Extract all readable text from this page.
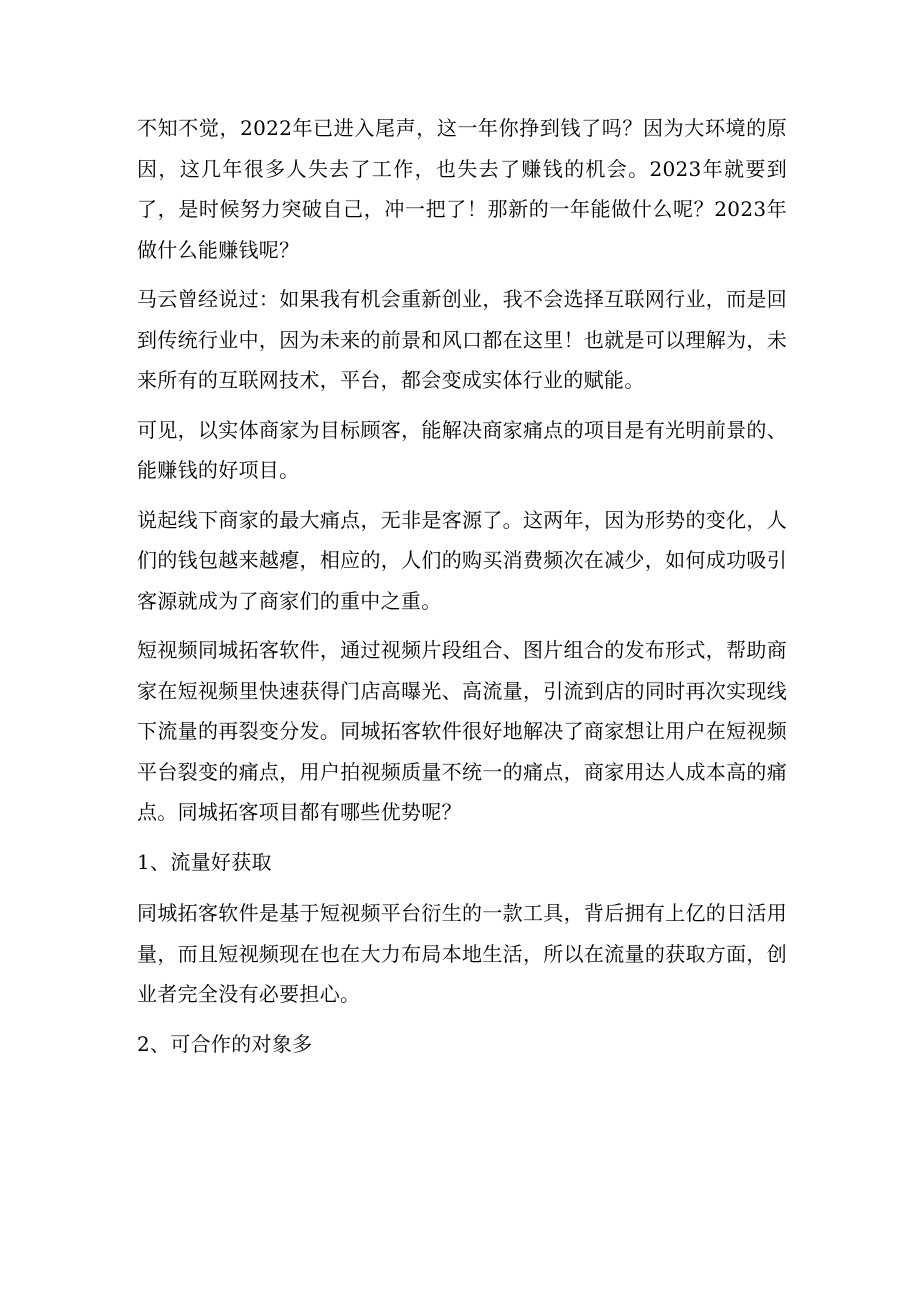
不知不觉，2022年已进入尾声，这一年你挣到钱了吗？因为大环境的原因，这几年很多人失去了工作，也失去了赚钱的机会。2023年就要到了，是时候努力突破自己，冲一把了！那新的一年能做什么呢？2023年做什么能赚钱呢？

马云曾经说过：如果我有机会重新创业，我不会选择互联网行业，而是回到传统行业中，因为未来的前景和风口都在这里！也就是可以理解为，未来所有的互联网技术，平台，都会变成实体行业的赋能。

可见，以实体商家为目标顾客，能解决商家痛点的项目是有光明前景的、能赚钱的好项目。

说起线下商家的最大痛点，无非是客源了。这两年，因为形势的变化，人们的钱包越来越瘪，相应的，人们的购买消费频次在减少，如何成功吸引客源就成为了商家们的重中之重。

短视频同城拓客软件，通过视频片段组合、图片组合的发布形式，帮助商家在短视频里快速获得门店高曝光、高流量，引流到店的同时再次实现线下流量的再裂变分发。同城拓客软件很好地解决了商家想让用户在短视频平台裂变的痛点，用户拍视频质量不统一的痛点，商家用达人成本高的痛点。同城拓客项目都有哪些优势呢？

1、流量好获取

同城拓客软件是基于短视频平台衍生的一款工具，背后拥有上亿的日活用量，而且短视频现在也在大力布局本地生活，所以在流量的获取方面，创业者完全没有必要担心。

2、可合作的对象多
